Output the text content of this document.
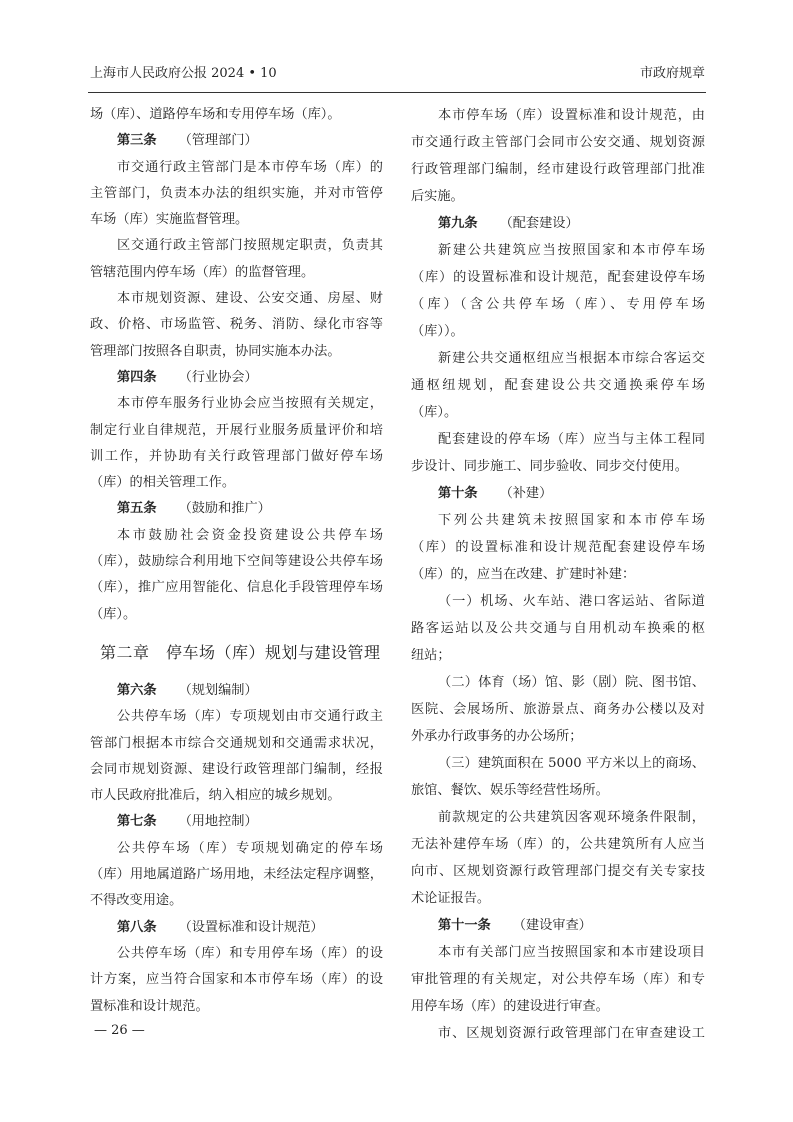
上海市人民政府公报 2024 • 10	市政府规章
场（库）、道路停车场和专用停车场（库）。
第三条 （管理部门）
市交通行政主管部门是本市停车场（库）的
主管部门，负责本办法的组织实施，并对市管停
车场（库）实施监督管理。
区交通行政主管部门按照规定职责，负责其
管辖范围内停车场（库）的监督管理。
本市规划资源、建设、公安交通、房屋、财
政、价格、市场监管、税务、消防、绿化市容等
管理部门按照各自职责，协同实施本办法。
第四条 （行业协会）
本市停车服务行业协会应当按照有关规定，
制定行业自律规范，开展行业服务质量评价和培
训工作，并协助有关行政管理部门做好停车场
（库）的相关管理工作。
第五条 （鼓励和推广）
本市鼓励社会资金投资建设公共停车场
（库），鼓励综合利用地下空间等建设公共停车场
（库），推广应用智能化、信息化手段管理停车场
（库）。
第二章　停车场（库）规划与建设管理
第六条 （规划编制）
公共停车场（库）专项规划由市交通行政主
管部门根据本市综合交通规划和交通需求状况，
会同市规划资源、建设行政管理部门编制，经报
市人民政府批准后，纳入相应的城乡规划。
第七条 （用地控制）
公共停车场（库）专项规划确定的停车场
（库）用地属道路广场用地，未经法定程序调整，
不得改变用途。
第八条 （设置标准和设计规范）
公共停车场（库）和专用停车场（库）的设
计方案，应当符合国家和本市停车场（库）的设
置标准和设计规范。
本市停车场（库）设置标准和设计规范，由
市交通行政主管部门会同市公安交通、规划资源
行政管理部门编制，经市建设行政管理部门批准
后实施。
第九条 （配套建设）
新建公共建筑应当按照国家和本市停车场
（库）的设置标准和设计规范，配套建设停车场
（库）（含公共停车场（库）、专用停车场
（库））。
新建公共交通枢纽应当根据本市综合客运交
通枢纽规划，配套建设公共交通换乘停车场
（库）。
配套建设的停车场（库）应当与主体工程同
步设计、同步施工、同步验收、同步交付使用。
第十条 （补建）
下列公共建筑未按照国家和本市停车场
（库）的设置标准和设计规范配套建设停车场
（库）的，应当在改建、扩建时补建：
（一）机场、火车站、港口客运站、省际道
路客运站以及公共交通与自用机动车换乘的枢
纽站；
（二）体育（场）馆、影（剧）院、图书馆、
医院、会展场所、旅游景点、商务办公楼以及对
外承办行政事务的办公场所；
（三）建筑面积在 5000 平方米以上的商场、
旅馆、餐饮、娱乐等经营性场所。
前款规定的公共建筑因客观环境条件限制，
无法补建停车场（库）的，公共建筑所有人应当
向市、区规划资源行政管理部门提交有关专家技
术论证报告。
第十一条 （建设审查）
本市有关部门应当按照国家和本市建设项目
审批管理的有关规定，对公共停车场（库）和专
用停车场（库）的建设进行审查。
市、区规划资源行政管理部门在审查建设工
— 26 —
